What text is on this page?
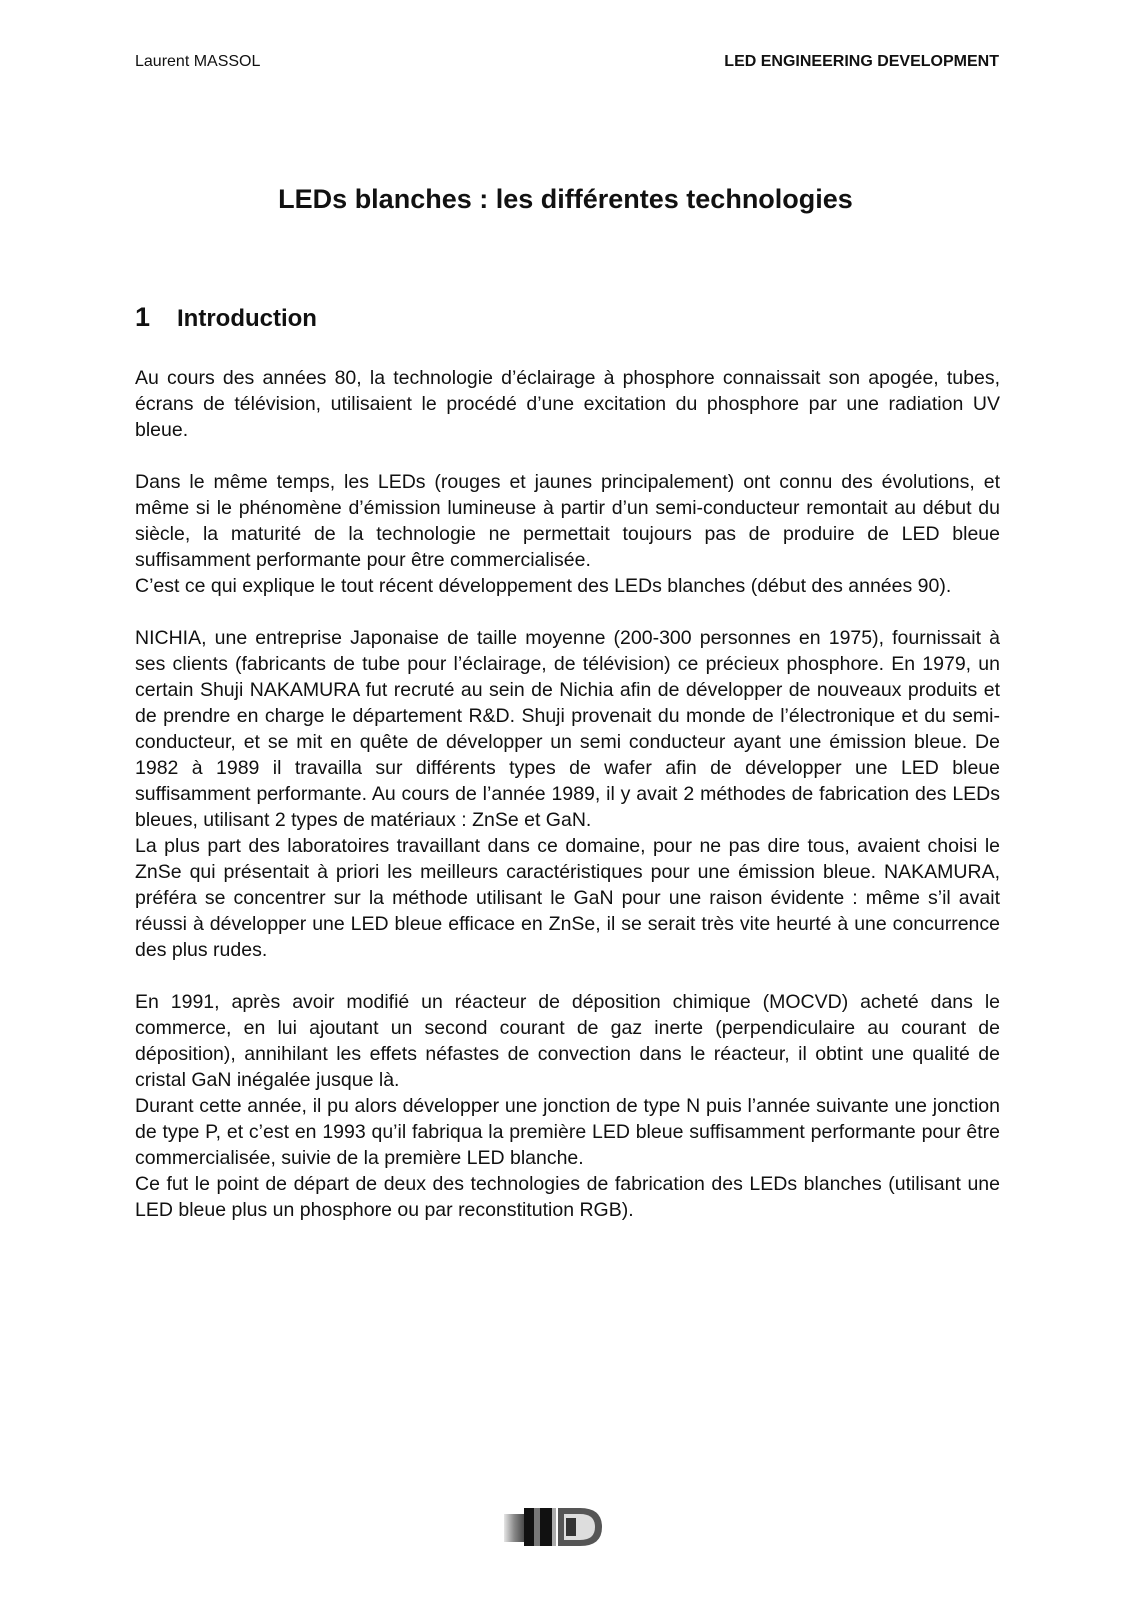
Laurent MASSOL	LED ENGINEERING DEVELOPMENT
LEDs blanches : les différentes technologies
1 Introduction

Au cours des années 80, la technologie d’éclairage à phosphore connaissait son apogée, tubes, écrans de télévision, utilisaient le procédé d’une excitation du phosphore par une radiation UV bleue.

Dans le même temps, les LEDs (rouges et jaunes principalement) ont connu des évolutions, et même si le phénomène d’émission lumineuse à partir d’un semi-conducteur remontait au début du siècle, la maturité de la technologie ne permettait toujours pas de produire de LED bleue suffisamment performante pour être commercialisée.

C’est ce qui explique le tout récent développement des LEDs blanches (début des années 90).

NICHIA, une entreprise Japonaise de taille moyenne (200-300 personnes en 1975), fournissait à ses clients (fabricants de tube pour l’éclairage, de télévision) ce précieux phosphore. En 1979, un certain Shuji NAKAMURA fut recruté au sein de Nichia afin de développer de nouveaux produits et de prendre en charge le département R&D. Shuji provenait du monde de l’électronique et du semi-conducteur, et se mit en quête de développer un semi conducteur ayant une émission bleue. De 1982 à 1989 il travailla sur différents types de wafer afin de développer une LED bleue suffisamment performante. Au cours de l’année 1989, il y avait 2 méthodes de fabrication des LEDs bleues, utilisant 2 types de matériaux : ZnSe et GaN.

La plus part des laboratoires travaillant dans ce domaine, pour ne pas dire tous, avaient choisi le ZnSe qui présentait à priori les meilleurs caractéristiques pour une émission bleue. NAKAMURA, préféra se concentrer sur la méthode utilisant le GaN pour une raison évidente : même s’il avait réussi à développer une LED bleue efficace en ZnSe, il se serait très vite heurté à une concurrence des plus rudes.

En 1991, après avoir modifié un réacteur de déposition chimique (MOCVD) acheté dans le commerce, en lui ajoutant un second courant de gaz inerte (perpendiculaire au courant de déposition), annihilant les effets néfastes de convection dans le réacteur, il obtint une qualité de cristal GaN inégalée jusque là.

Durant cette année, il pu alors développer une jonction de type N puis l’année suivante une jonction de type P, et c’est en 1993 qu’il fabriqua la première LED bleue suffisamment performante pour être commercialisée, suivie de la première LED blanche.

Ce fut le point de départ de deux des technologies de fabrication des LEDs blanches (utilisant une LED bleue plus un phosphore ou par reconstitution RGB).
